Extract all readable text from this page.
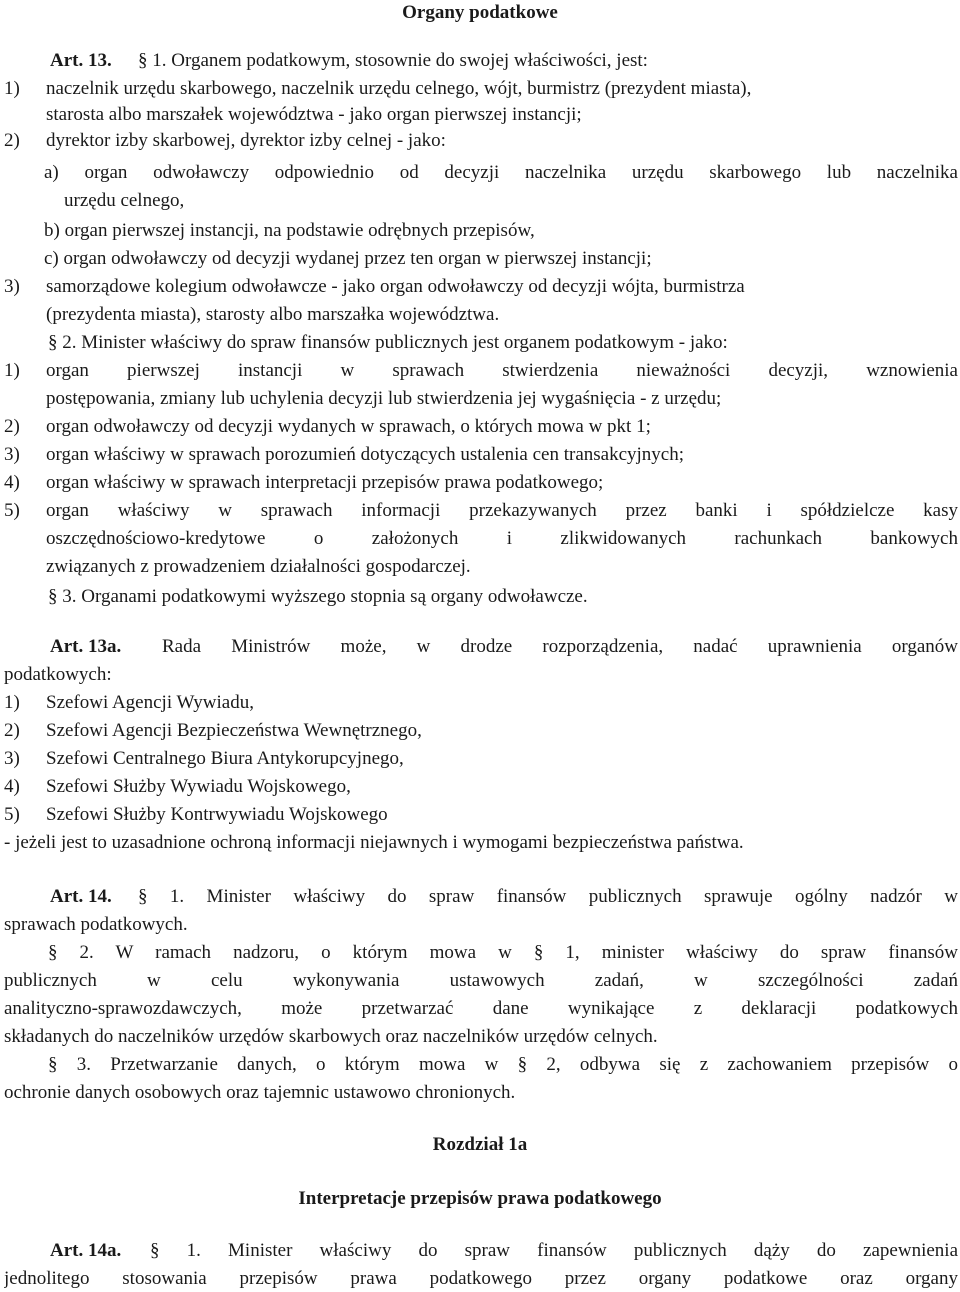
Organy podatkowe
Art. 13. § 1. Organem podatkowym, stosownie do swojej właściwości, jest:
1) naczelnik urzędu skarbowego, naczelnik urzędu celnego, wójt, burmistrz (prezydent miasta),
starosta albo marszałek województwa - jako organ pierwszej instancji;
2) dyrektor izby skarbowej, dyrektor izby celnej - jako:
a) organ odwoławczy odpowiednio od decyzji naczelnika urzędu skarbowego lub naczelnika
urzędu celnego,
b) organ pierwszej instancji, na podstawie odrębnych przepisów,
c) organ odwoławczy od decyzji wydanej przez ten organ w pierwszej instancji;
3) samorządowe kolegium odwoławcze - jako organ odwoławczy od decyzji wójta, burmistrza
(prezydenta miasta), starosty albo marszałka województwa.
§ 2. Minister właściwy do spraw finansów publicznych jest organem podatkowym - jako:
1) organ pierwszej instancji w sprawach stwierdzenia nieważności decyzji, wznowienia
postępowania, zmiany lub uchylenia decyzji lub stwierdzenia jej wygaśnięcia - z urzędu;
2) organ odwoławczy od decyzji wydanych w sprawach, o których mowa w pkt 1;
3) organ właściwy w sprawach porozumień dotyczących ustalenia cen transakcyjnych;
4) organ właściwy w sprawach interpretacji przepisów prawa podatkowego;
5) organ właściwy w sprawach informacji przekazywanych przez banki i spółdzielcze kasy
oszczędnościowo-kredytowe o założonych i zlikwidowanych rachunkach bankowych
związanych z prowadzeniem działalności gospodarczej.
§ 3. Organami podatkowymi wyższego stopnia są organy odwoławcze.
Art. 13a. Rada Ministrów może, w drodze rozporządzenia, nadać uprawnienia organów
podatkowych:
1) Szefowi Agencji Wywiadu,
2) Szefowi Agencji Bezpieczeństwa Wewnętrznego,
3) Szefowi Centralnego Biura Antykorupcyjnego,
4) Szefowi Służby Wywiadu Wojskowego,
5) Szefowi Służby Kontrwywiadu Wojskowego
- jeżeli jest to uzasadnione ochroną informacji niejawnych i wymogami bezpieczeństwa państwa.
Art. 14. § 1. Minister właściwy do spraw finansów publicznych sprawuje ogólny nadzór w
sprawach podatkowych.
§ 2. W ramach nadzoru, o którym mowa w § 1, minister właściwy do spraw finansów
publicznych w celu wykonywania ustawowych zadań, w szczególności zadań
analityczno-sprawozdawczych, może przetwarzać dane wynikające z deklaracji podatkowych
składanych do naczelników urzędów skarbowych oraz naczelników urzędów celnych.
§ 3. Przetwarzanie danych, o którym mowa w § 2, odbywa się z zachowaniem przepisów o
ochronie danych osobowych oraz tajemnic ustawowo chronionych.
Rozdział 1a
Interpretacje przepisów prawa podatkowego
Art. 14a. § 1. Minister właściwy do spraw finansów publicznych dąży do zapewnienia
jednolitego stosowania przepisów prawa podatkowego przez organy podatkowe oraz organy
